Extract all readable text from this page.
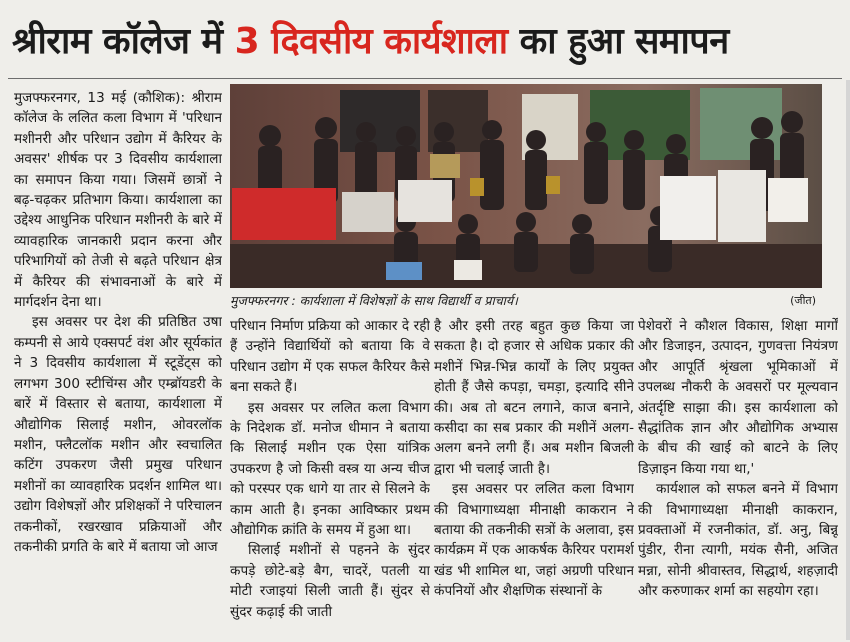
श्रीराम कॉलेज में 3 दिवसीय कार्यशाला का हुआ समापन

मुजफ्फरनगर, 13 मई (कौशिक): श्रीराम कॉलेज के ललित कला विभाग में 'परिधान मशीनरी और परिधान उद्योग में कैरियर के अवसर' शीर्षक पर 3 दिवसीय कार्यशाला का समापन किया गया। जिसमें छात्रों ने बढ़-चढ़कर प्रतिभाग किया। कार्यशाला का उद्देश्य आधुनिक परिधान मशीनरी के बारे में व्यावहारिक जानकारी प्रदान करना और परिभागियों को तेजी से बढ़ते परिधान क्षेत्र में कैरियर की संभावनाओं के बारे में मार्गदर्शन देना था।

इस अवसर पर देश की प्रतिष्ठित उषा कम्पनी से आये एक्सपर्ट वंश और सूर्यकांत ने 3 दिवसीय कार्यशाला में स्टूडेंट्स को लगभग 300 स्टीचिंग्स और एम्ब्रॉयडरी के बारें में विस्तार से बताया, कार्यशाला में औद्योगिक सिलाई मशीन, ओवरलॉक मशीन, फ्लैटलॉक मशीन और स्वचालित कटिंग उपकरण जैसी प्रमुख परिधान मशीनों का व्यावहारिक प्रदर्शन शामिल था। उद्योग विशेषज्ञों और प्रशिक्षकों ने परिचालन तकनीकों, रखरखाव प्रक्रियाओं और तकनीकी प्रगति के बारे में बताया जो आज

मुजफ्फरनगर : कार्यशाला में विशेषज्ञों के साथ विद्यार्थी व प्राचार्य।	(जीत)

परिधान निर्माण प्रक्रिया को आकार दे रही हैं उन्होंने विद्यार्थियों को बताया कि वे परिधान उद्योग में एक सफल कैरियर कैसे बना सकते हैं।

इस अवसर पर ललित कला विभाग के निदेशक डॉ. मनोज धीमान ने बताया कि सिलाई मशीन एक ऐसा यांत्रिक उपकरण है जो किसी वस्त्र या अन्य चीज को परस्पर एक धागे या तार से सिलने के काम आती है। इनका आविष्कार प्रथम औद्योगिक क्रांति के समय में हुआ था।

सिलाई मशीनों से पहनने के सुंदर कपड़े छोटे-बड़े बैग, चादरें, पतली या मोटी रजाइयां सिली जाती हैं। सुंदर से सुंदर कढ़ाई की जाती

है और इसी तरह बहुत कुछ किया जा सकता है। दो हजार से अधिक प्रकार की मशीनें भिन्न-भिन्न कार्यों के लिए प्रयुक्त होती हैं जैसे कपड़ा, चमड़ा, इत्यादि सीने की। अब तो बटन लगाने, काज बनाने, कसीदा का सब प्रकार की मशीनें अलग-अलग बनने लगी हैं। अब मशीन बिजली द्वारा भी चलाई जाती है।

इस अवसर पर ललित कला विभाग की विभागाध्यक्षा मीनाक्षी काकरान ने बताया की तकनीकी सत्रों के अलावा, इस कार्यक्रम में एक आकर्षक कैरियर परामर्श खंड भी शामिल था, जहां अग्रणी परिधान कंपनियों और शैक्षणिक संस्थानों के

पेशेवरों ने कौशल विकास, शिक्षा मार्गों और डिजाइन, उत्पादन, गुणवत्ता नियंत्रण और आपूर्ति श्रृंखला भूमिकाओं में उपलब्ध नौकरी के अवसरों पर मूल्यवान अंतर्दृष्टि साझा की। इस कार्यशाला को सैद्धांतिक ज्ञान और औद्योगिक अभ्यास के बीच की खाई को बाटने के लिए डिज़ाइन किया गया था,'

कार्यशाल को सफल बनने में विभाग की विभागाध्यक्षा मीनाक्षी काकरान, प्रवक्ताओं में रजनीकांत, डॉ. अनु, बिन्नू पुंडीर, रीना त्यागी, मयंक सैनी, अजित मन्ना, सोनी श्रीवास्तव, सिद्धार्थ, शहज़ादी और करुणाकर शर्मा का सहयोग रहा।
